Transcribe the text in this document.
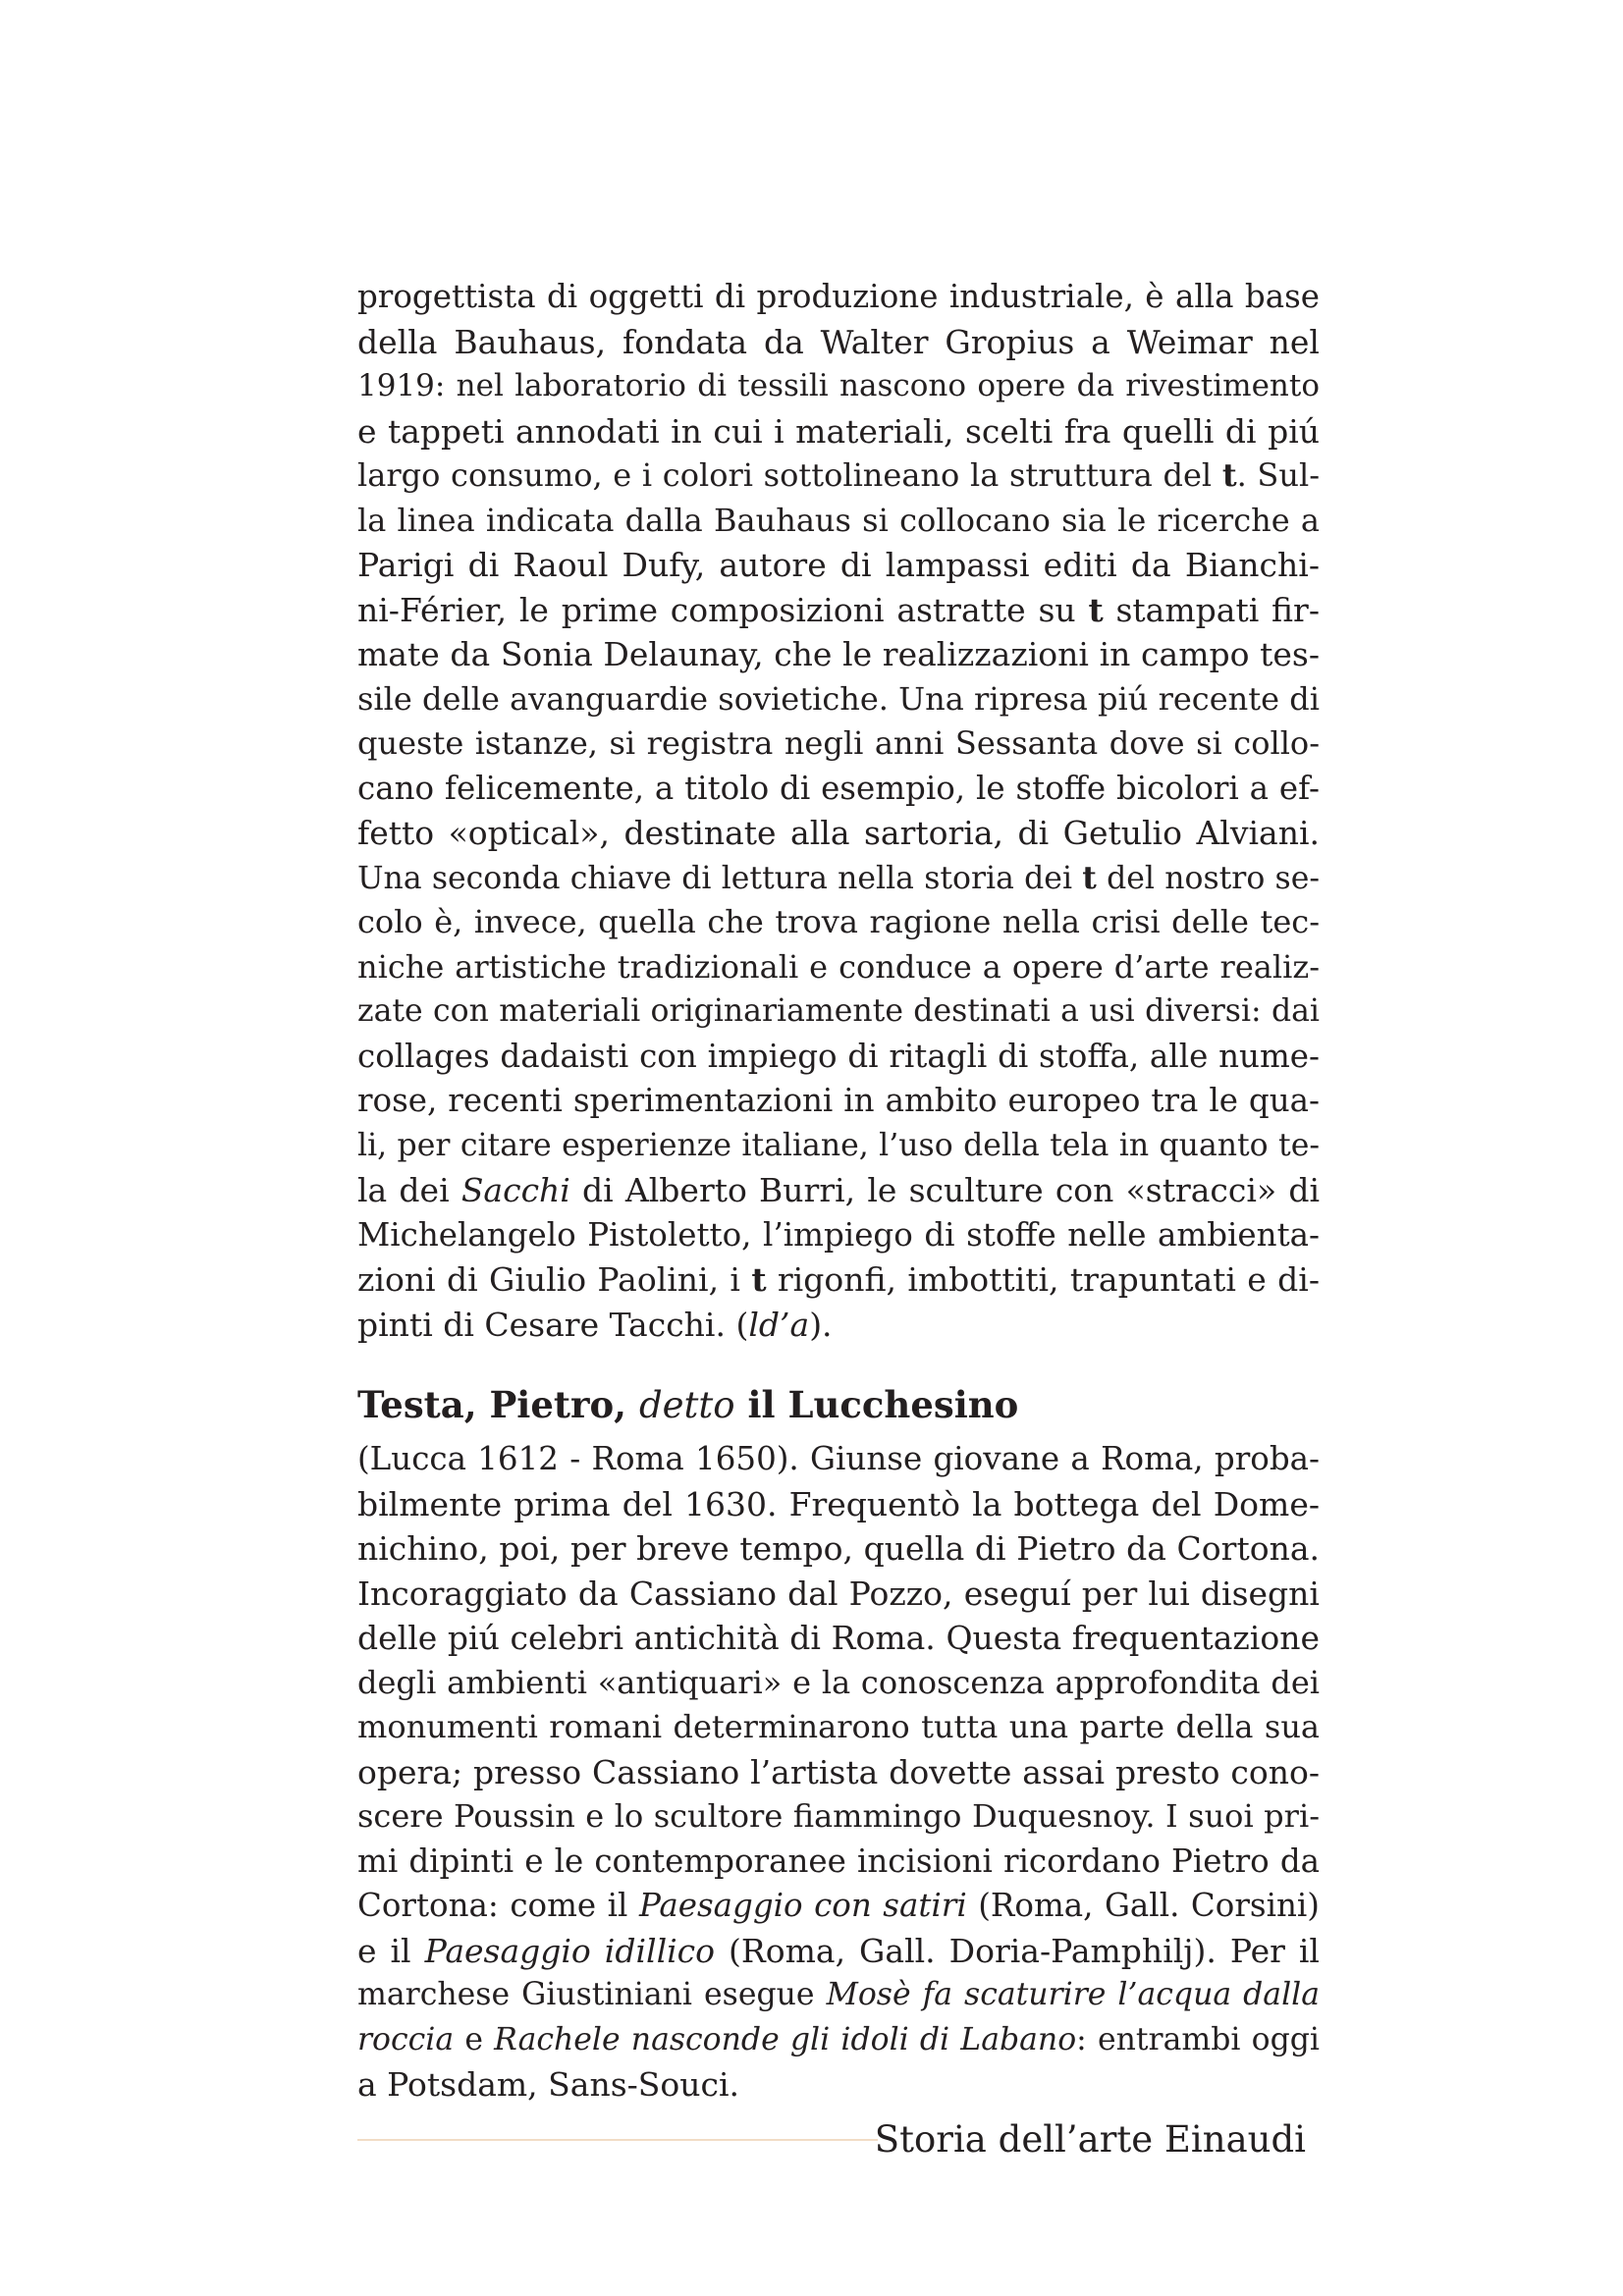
progettista di oggetti di produzione industriale, è alla base
della Bauhaus, fondata da Walter Gropius a Weimar nel
1919: nel laboratorio di tessili nascono opere da rivestimento
e tappeti annodati in cui i materiali, scelti fra quelli di piú
largo consumo, e i colori sottolineano la struttura del t. Sul-
la linea indicata dalla Bauhaus si collocano sia le ricerche a
Parigi di Raoul Dufy, autore di lampassi editi da Bianchi-
ni-Férier, le prime composizioni astratte su t stampati fir-
mate da Sonia Delaunay, che le realizzazioni in campo tes-
sile delle avanguardie sovietiche. Una ripresa piú recente di
queste istanze, si registra negli anni Sessanta dove si collo-
cano felicemente, a titolo di esempio, le stoffe bicolori a ef-
fetto «optical», destinate alla sartoria, di Getulio Alviani.
Una seconda chiave di lettura nella storia dei t del nostro se-
colo è, invece, quella che trova ragione nella crisi delle tec-
niche artistiche tradizionali e conduce a opere d’arte realiz-
zate con materiali originariamente destinati a usi diversi: dai
collages dadaisti con impiego di ritagli di stoffa, alle nume-
rose, recenti sperimentazioni in ambito europeo tra le qua-
li, per citare esperienze italiane, l’uso della tela in quanto te-
la dei Sacchi di Alberto Burri, le sculture con «stracci» di
Michelangelo Pistoletto, l’impiego di stoffe nelle ambienta-
zioni di Giulio Paolini, i t rigonfi, imbottiti, trapuntati e di-
pinti di Cesare Tacchi. (ld’a).
Testa, Pietro, detto il Lucchesino
(Lucca 1612 - Roma 1650). Giunse giovane a Roma, proba-
bilmente prima del 1630. Frequentò la bottega del Dome-
nichino, poi, per breve tempo, quella di Pietro da Cortona.
Incoraggiato da Cassiano dal Pozzo, eseguí per lui disegni
delle piú celebri antichità di Roma. Questa frequentazione
degli ambienti «antiquari» e la conoscenza approfondita dei
monumenti romani determinarono tutta una parte della sua
opera; presso Cassiano l’artista dovette assai presto cono-
scere Poussin e lo scultore fiammingo Duquesnoy. I suoi pri-
mi dipinti e le contemporanee incisioni ricordano Pietro da
Cortona: come il Paesaggio con satiri (Roma, Gall. Corsini)
e il Paesaggio idillico (Roma, Gall. Doria-Pamphilj). Per il
marchese Giustiniani esegue Mosè fa scaturire l’acqua dalla
roccia e Rachele nasconde gli idoli di Labano: entrambi oggi
a Potsdam, Sans-Souci.
Storia dell’arte Einaudi
